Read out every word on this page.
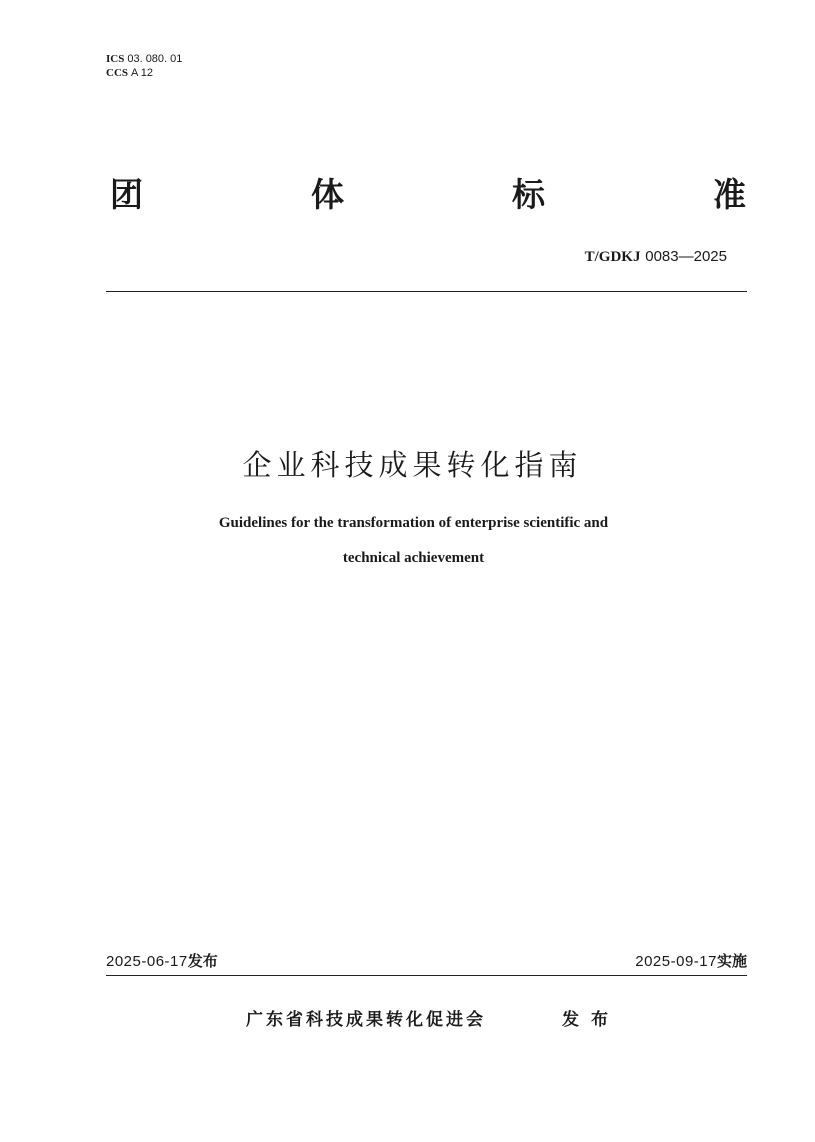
ICS 03. 080. 01
CCS A 12
团	体	标	准
T/GDKJ 0083—2025
企业科技成果转化指南
Guidelines for the transformation of enterprise scientific and
technical achievement
2025-06-17发布	2025-09-17实施
广东省科技成果转化促进会	发布
